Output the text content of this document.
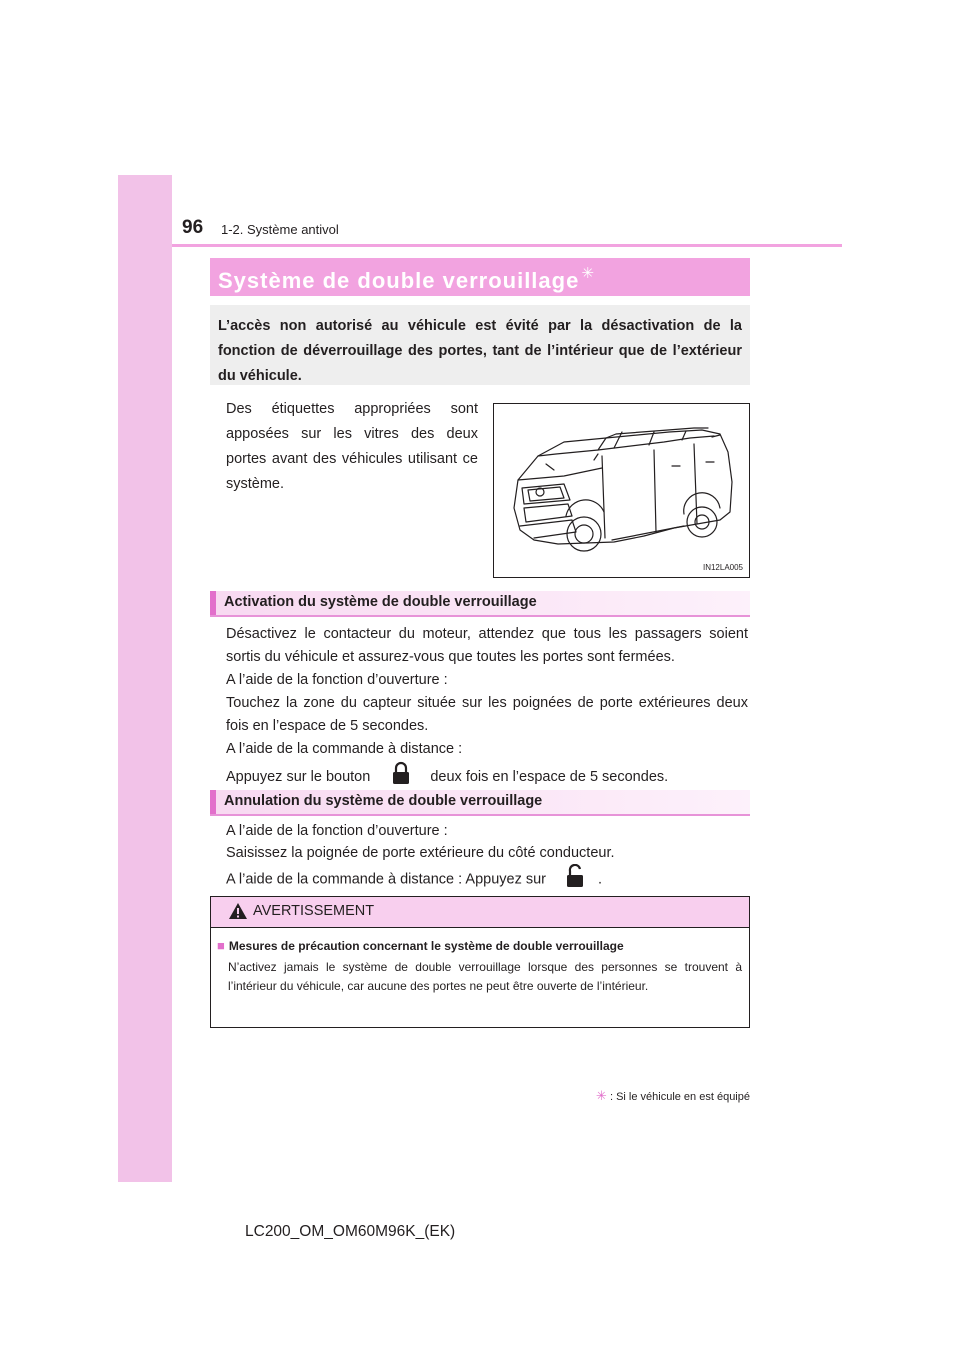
96 1-2. Système antivol
Système de double verrouillage ✳
L’accès non autorisé au véhicule est évité par la désactivation de la fonction de déverrouillage des portes, tant de l’intérieur que de l’extérieur du véhicule.
Des étiquettes appropriées sont apposées sur les vitres des deux portes avant des véhicules utilisant ce système.
IN12LA005
Activation du système de double verrouillage
Désactivez le contacteur du moteur, attendez que tous les passagers soient sortis du véhicule et assurez-vous que toutes les portes sont fermées.
A l’aide de la fonction d’ouverture :
Touchez la zone du capteur située sur les poignées de porte extérieures deux fois en l’espace de 5 secondes.
A l’aide de la commande à distance :
Appuyez sur le bouton	deux fois en l’espace de 5 secondes.
Annulation du système de double verrouillage
A l’aide de la fonction d’ouverture :
Saisissez la poignée de porte extérieure du côté conducteur.
A l’aide de la commande à distance : Appuyez sur	.
AVERTISSEMENT
■ Mesures de précaution concernant le système de double verrouillage
N’activez jamais le système de double verrouillage lorsque des personnes se trouvent à l’intérieur du véhicule, car aucune des portes ne peut être ouverte de l’intérieur.
✳ : Si le véhicule en est équipé
LC200_OM_OM60M96K_(EK)
